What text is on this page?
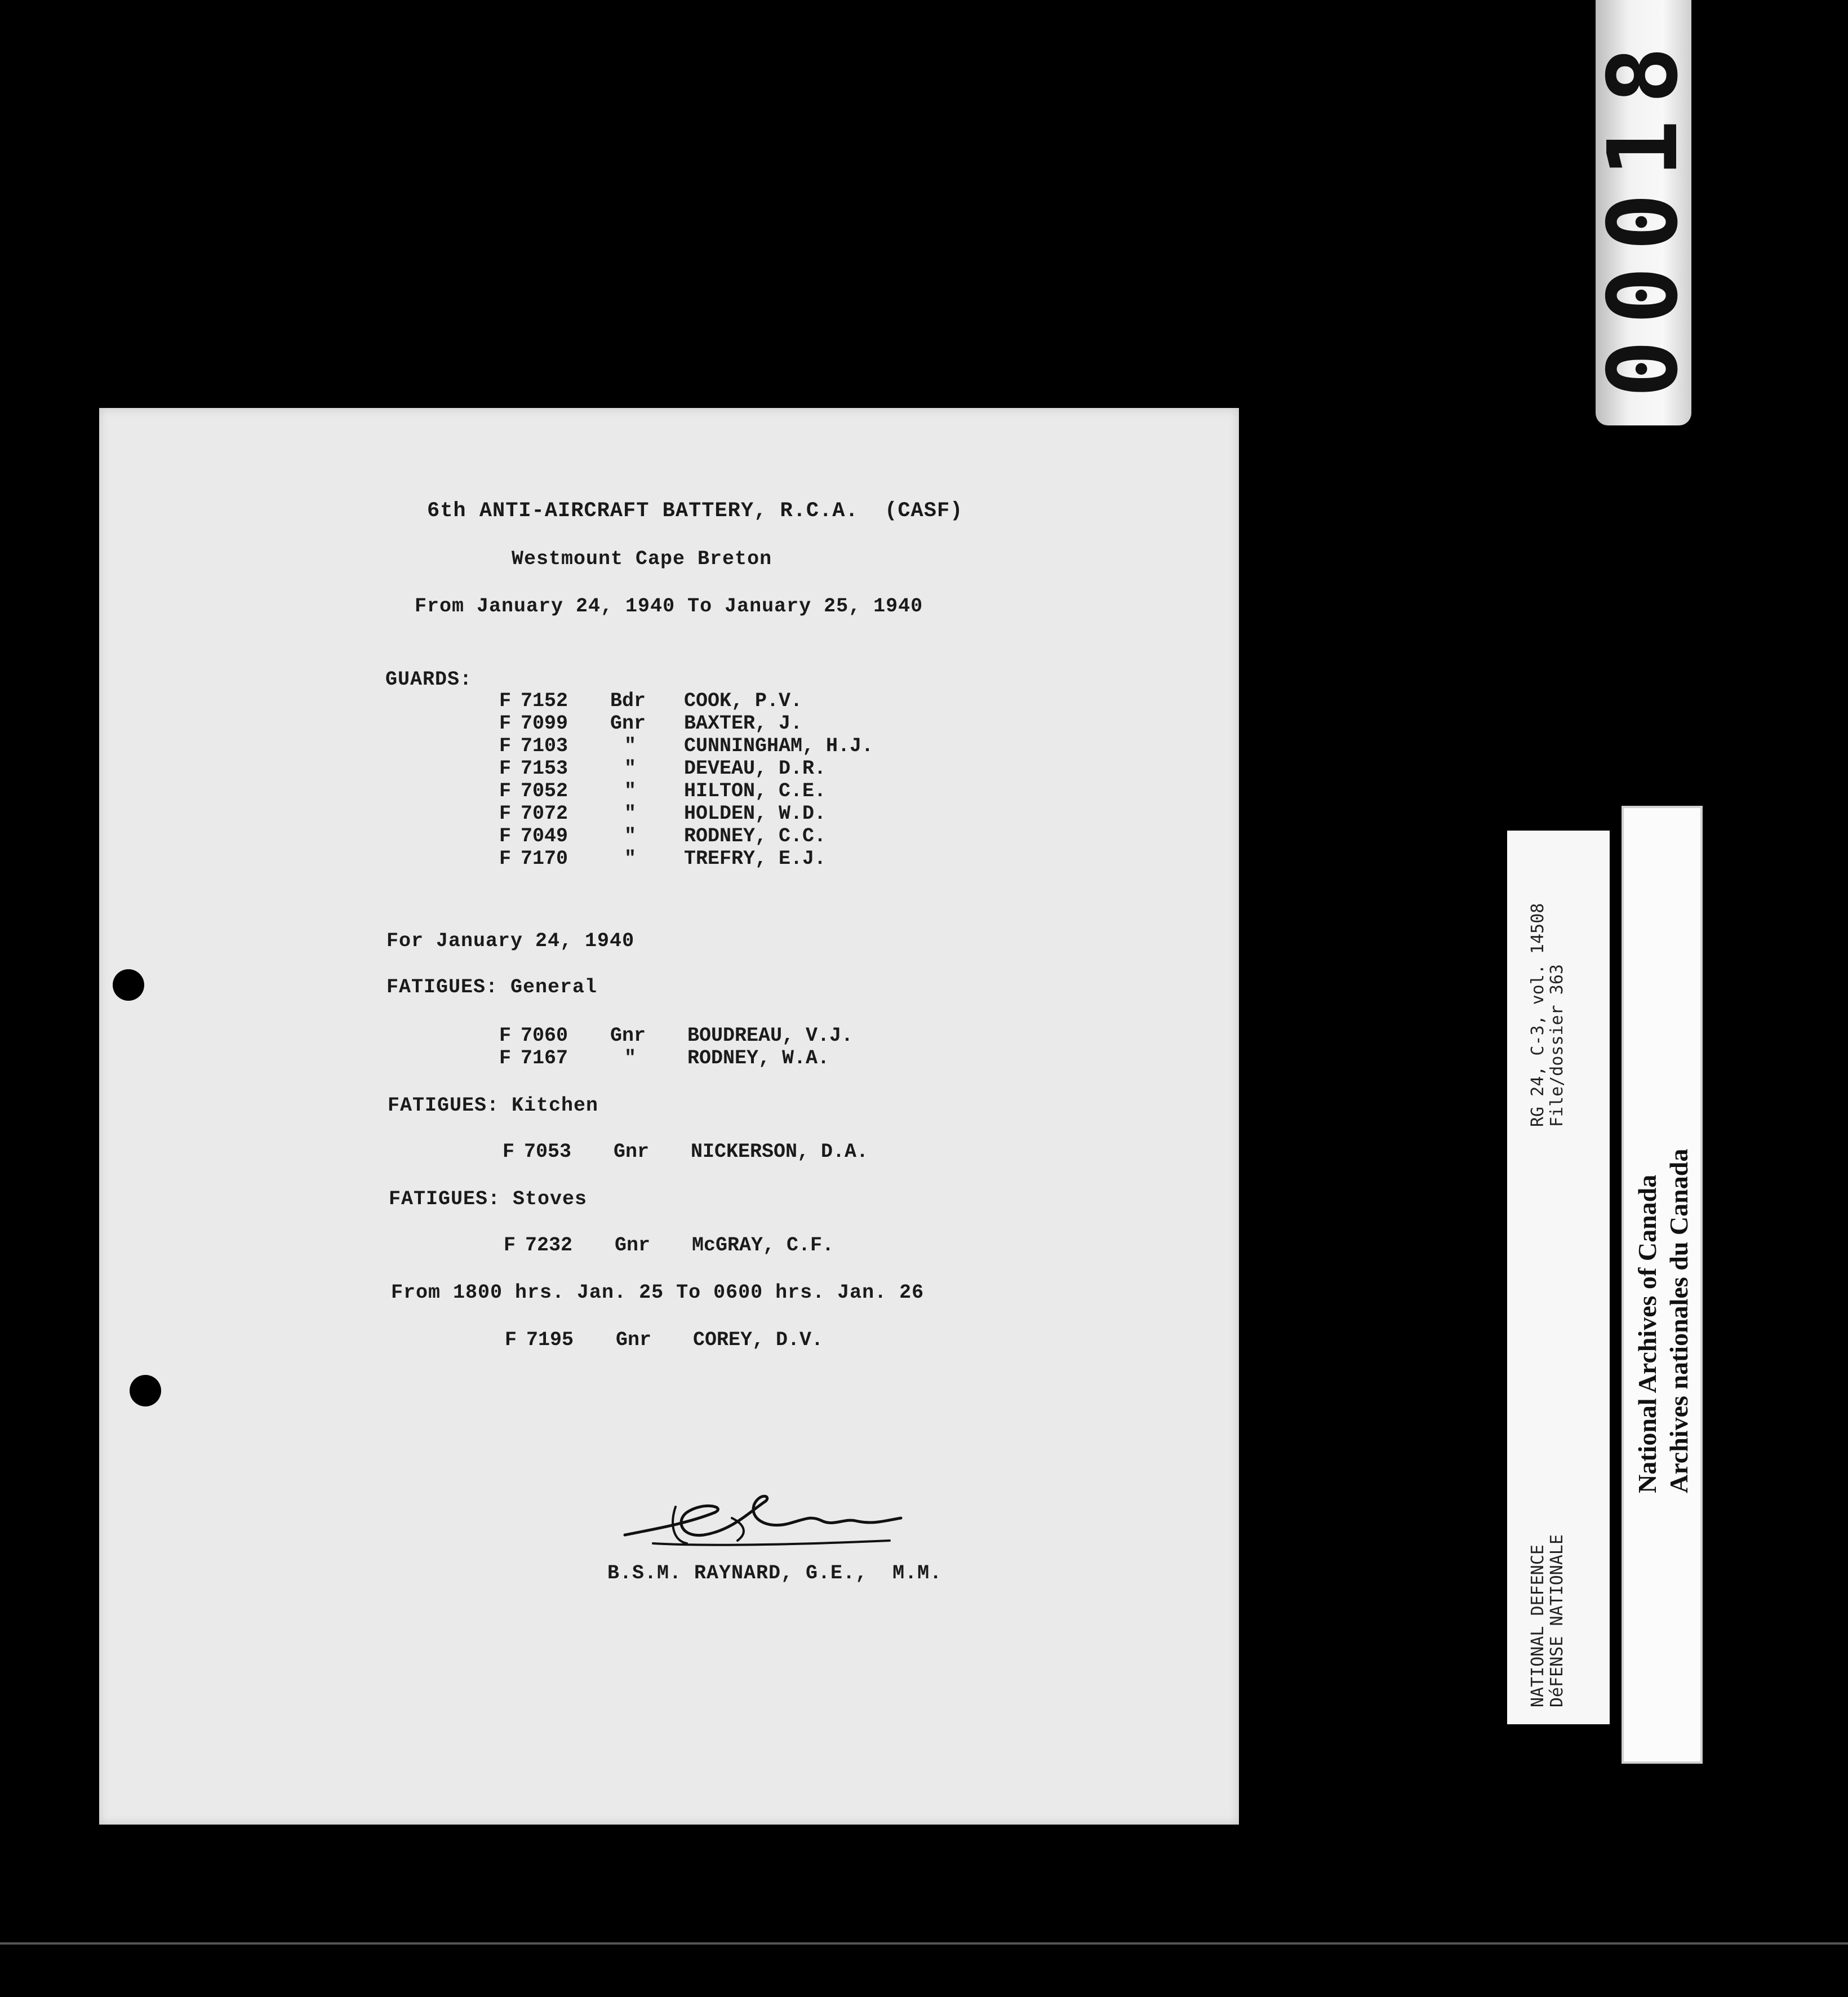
00018
6th ANTI-AIRCRAFT BATTERY, R.C.A.  (CASF)
Westmount Cape Breton
From January 24, 1940 To January 25, 1940
GUARDS:

F 7152 Bdr COOK, P.V.

F 7099 Gnr BAXTER, J.

F 7103	" CUNNINGHAM, H.J.

F 7153	" DEVEAU, D.R.

F 7052	" HILTON, C.E.

F 7072	" HOLDEN, W.D.

F 7049	" RODNEY, C.C.

F 7170	" TREFRY, E.J.

For January 24, 1940
FATIGUES: General

F 7060 Gnr BOUDREAU, V.J.

F 7167	"	RODNEY, W.A.

FATIGUES: Kitchen

F 7053 Gnr NICKERSON, D.A.

FATIGUES: Stoves

F 7232 Gnr McGRAY, C.F.

From 1800 hrs. Jan. 25 To 0600 hrs. Jan. 26

F 7195 Gnr COREY, D.V.

B.S.M. RAYNARD, G.E.,  M.M.	NATIONAL DEFENCE
DéFENSE NATIONALE
RG 24, C-3, vol. 14508
File/dossier 363
National Archives of Canada Archives nationales du Canada
